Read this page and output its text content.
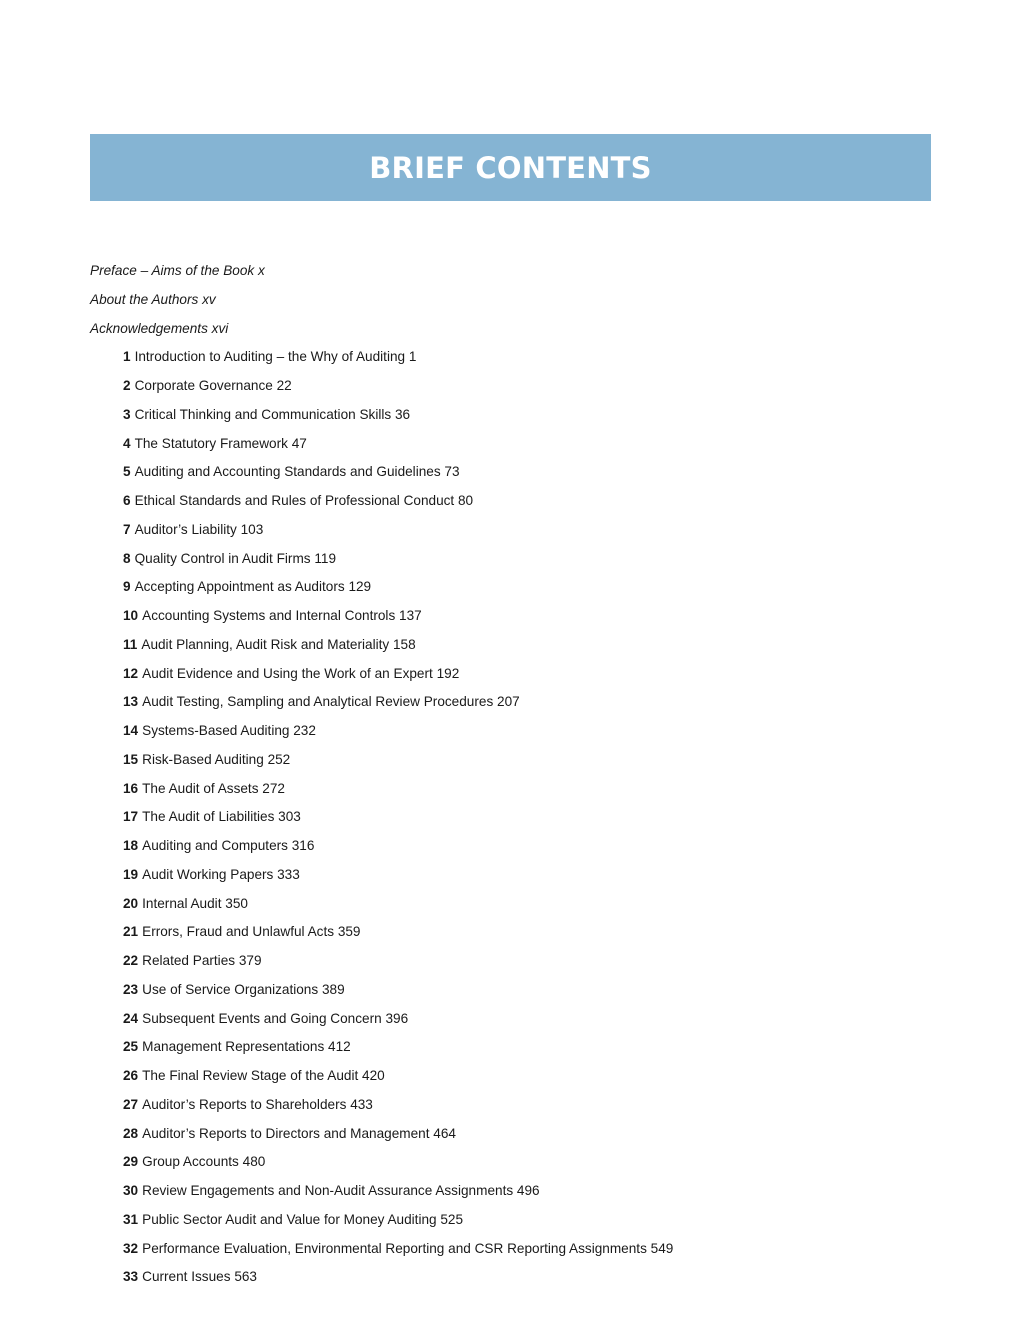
BRIEF CONTENTS
Preface – Aims of the Book x
About the Authors xv
Acknowledgements xvi
1 Introduction to Auditing – the Why of Auditing 1
2 Corporate Governance 22
3 Critical Thinking and Communication Skills 36
4 The Statutory Framework 47
5 Auditing and Accounting Standards and Guidelines 73
6 Ethical Standards and Rules of Professional Conduct 80
7 Auditor’s Liability 103
8 Quality Control in Audit Firms 119
9 Accepting Appointment as Auditors 129
10 Accounting Systems and Internal Controls 137
11 Audit Planning, Audit Risk and Materiality 158
12 Audit Evidence and Using the Work of an Expert 192
13 Audit Testing, Sampling and Analytical Review Procedures 207
14 Systems-Based Auditing 232
15 Risk-Based Auditing 252
16 The Audit of Assets 272
17 The Audit of Liabilities 303
18 Auditing and Computers 316
19 Audit Working Papers 333
20 Internal Audit 350
21 Errors, Fraud and Unlawful Acts 359
22 Related Parties 379
23 Use of Service Organizations 389
24 Subsequent Events and Going Concern 396
25 Management Representations 412
26 The Final Review Stage of the Audit 420
27 Auditor’s Reports to Shareholders 433
28 Auditor’s Reports to Directors and Management 464
29 Group Accounts 480
30 Review Engagements and Non-Audit Assurance Assignments 496
31 Public Sector Audit and Value for Money Auditing 525
32 Performance Evaluation, Environmental Reporting and CSR Reporting Assignments 549
33 Current Issues 563
